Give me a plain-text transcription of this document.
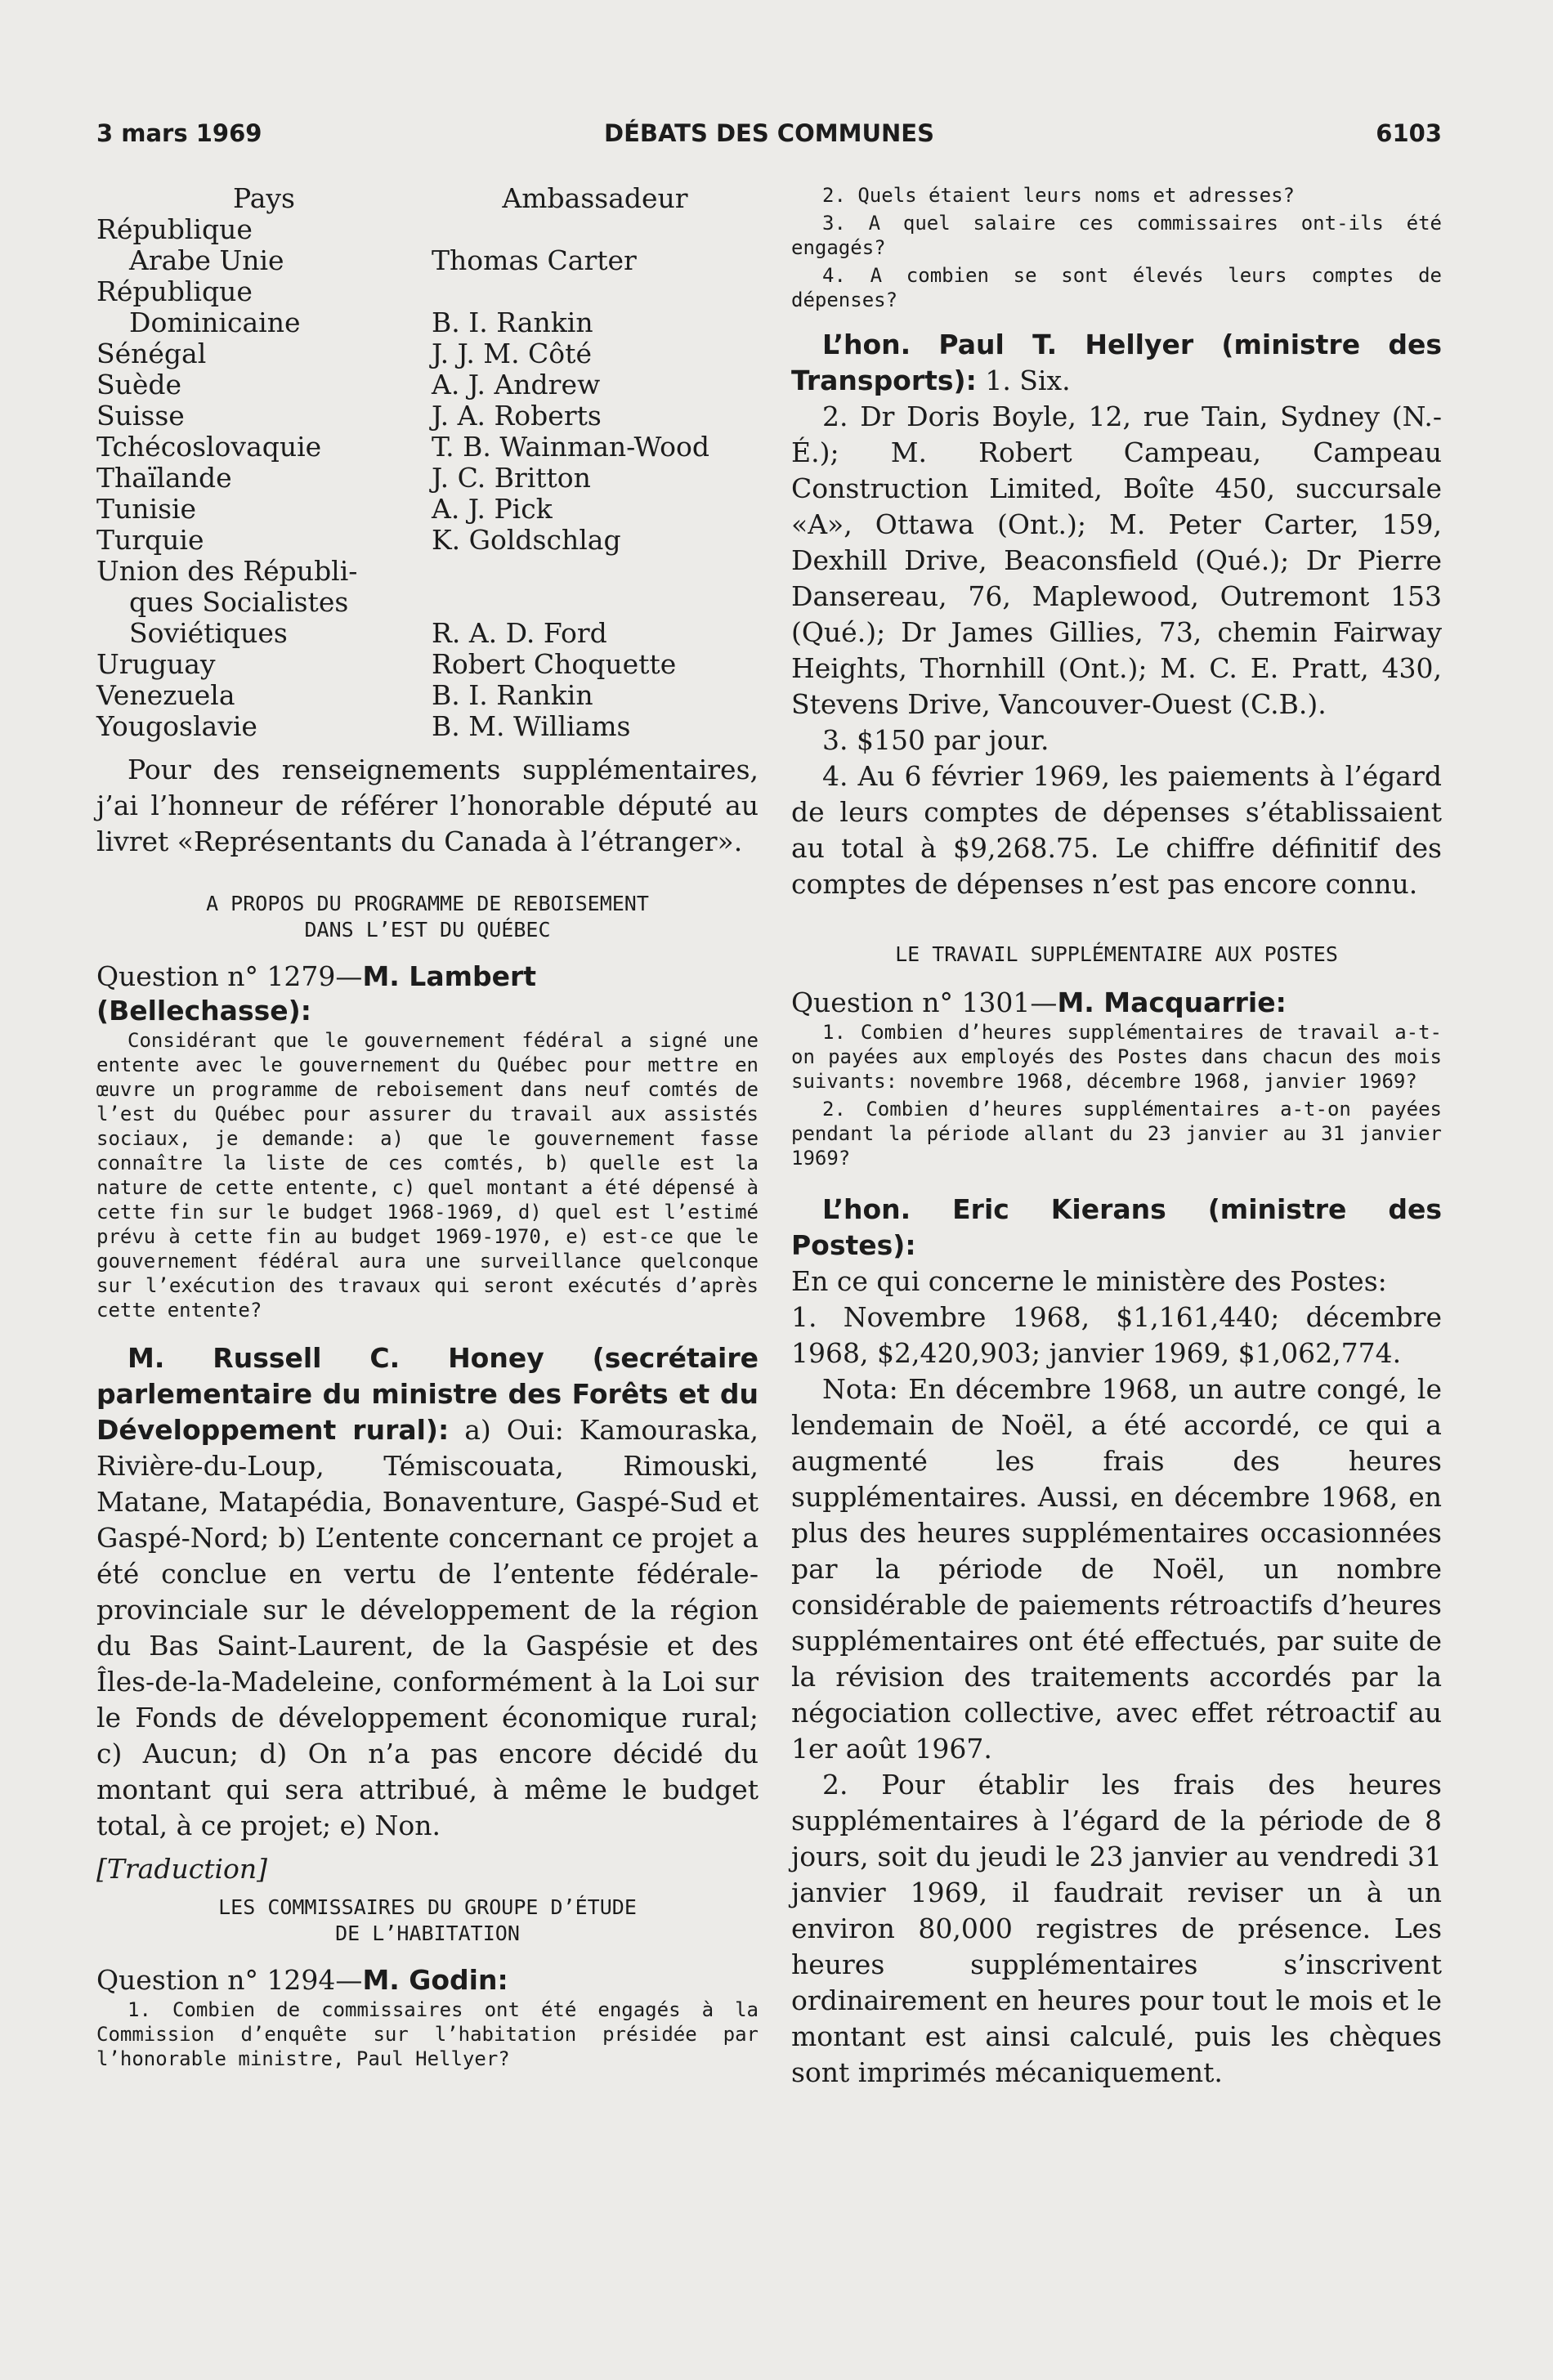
3 mars 1969	DÉBATS DES COMMUNES	6103
Pays	Ambassadeur
République
Arabe Unie	Thomas Carter
République
Dominicaine	B. I. Rankin
Sénégal	J. J. M. Côté
Suède	A. J. Andrew
Suisse	J. A. Roberts
Tchécoslovaquie	T. B. Wainman-Wood
Thaïlande	J. C. Britton
Tunisie	A. J. Pick
Turquie	K. Goldschlag
Union des Républi-
ques Socialistes
Soviétiques	R. A. D. Ford
Uruguay	Robert Choquette
Venezuela	B. I. Rankin
Yougoslavie	B. M. Williams

Pour des renseignements supplémentaires, j’ai l’honneur de référer l’honorable député au livret «Représentants du Canada à l’étranger».

A PROPOS DU PROGRAMME DE REBOISEMENT

DANS L’EST DU QUÉBEC

Question n° 1279—M. Lambert (Bellechasse):

Considérant que le gouvernement fédéral a signé une entente avec le gouvernement du Québec pour mettre en œuvre un programme de reboisement dans neuf comtés de l’est du Québec pour assurer du travail aux assistés sociaux, je demande: a) que le gouvernement fasse connaître la liste de ces comtés, b) quelle est la nature de cette entente, c) quel montant a été dépensé à cette fin sur le budget 1968-1969, d) quel est l’estimé prévu à cette fin au budget 1969-1970, e) est-ce que le gouvernement fédéral aura une surveillance quelconque sur l’exécution des travaux qui seront exécutés d’après cette entente?

M. Russell C. Honey (secrétaire parlementaire du ministre des Forêts et du Développement rural): a) Oui: Kamouraska, Rivière-du-Loup, Témiscouata, Rimouski, Matane, Matapédia, Bonaventure, Gaspé-Sud et Gaspé-Nord; b) L’entente concernant ce projet a été conclue en vertu de l’entente fédérale-provinciale sur le développement de la région du Bas Saint-Laurent, de la Gaspésie et des Îles-de-la-Madeleine, conformément à la Loi sur le Fonds de développement économique rural; c) Aucun; d) On n’a pas encore décidé du montant qui sera attribué, à même le budget total, à ce projet; e) Non.

[Traduction]

LES COMMISSAIRES DU GROUPE D’ÉTUDE

DE L’HABITATION

Question n° 1294—M. Godin:

1. Combien de commissaires ont été engagés à la Commission d’enquête sur l’habitation présidée par l’honorable ministre, Paul Hellyer?

2. Quels étaient leurs noms et adresses?

3. A quel salaire ces commissaires ont-ils été engagés?

4. A combien se sont élevés leurs comptes de dépenses?

L’hon. Paul T. Hellyer (ministre des Transports): 1. Six.

2. Dr Doris Boyle, 12, rue Tain, Sydney (N.-É.); M. Robert Campeau, Campeau Construction Limited, Boîte 450, succursale «A», Ottawa (Ont.); M. Peter Carter, 159, Dexhill Drive, Beaconsfield (Qué.); Dr Pierre Dansereau, 76, Maplewood, Outremont 153 (Qué.); Dr James Gillies, 73, chemin Fairway Heights, Thornhill (Ont.); M. C. E. Pratt, 430, Stevens Drive, Vancouver-Ouest (C.B.).

3. $150 par jour.

4. Au 6 février 1969, les paiements à l’égard de leurs comptes de dépenses s’établissaient au total à $9,268.75. Le chiffre définitif des comptes de dépenses n’est pas encore connu.

LE TRAVAIL SUPPLÉMENTAIRE AUX POSTES

Question n° 1301—M. Macquarrie:

1. Combien d’heures supplémentaires de travail a-t-on payées aux employés des Postes dans chacun des mois suivants: novembre 1968, décembre 1968, janvier 1969?

2. Combien d’heures supplémentaires a-t-on payées pendant la période allant du 23 janvier au 31 janvier 1969?

L’hon. Eric Kierans (ministre des Postes):

En ce qui concerne le ministère des Postes:

1. Novembre 1968, $1,161,440; décembre 1968, $2,420,903; janvier 1969, $1,062,774.

Nota: En décembre 1968, un autre congé, le lendemain de Noël, a été accordé, ce qui a augmenté les frais des heures supplémentaires. Aussi, en décembre 1968, en plus des heures supplémentaires occasionnées par la période de Noël, un nombre considérable de paiements rétroactifs d’heures supplémentaires ont été effectués, par suite de la révision des traitements accordés par la négociation collective, avec effet rétroactif au 1er août 1967.

2. Pour établir les frais des heures supplémentaires à l’égard de la période de 8 jours, soit du jeudi le 23 janvier au vendredi 31 janvier 1969, il faudrait reviser un à un environ 80,000 registres de présence. Les heures supplémentaires s’inscrivent ordinairement en heures pour tout le mois et le montant est ainsi calculé, puis les chèques sont imprimés mécaniquement.
